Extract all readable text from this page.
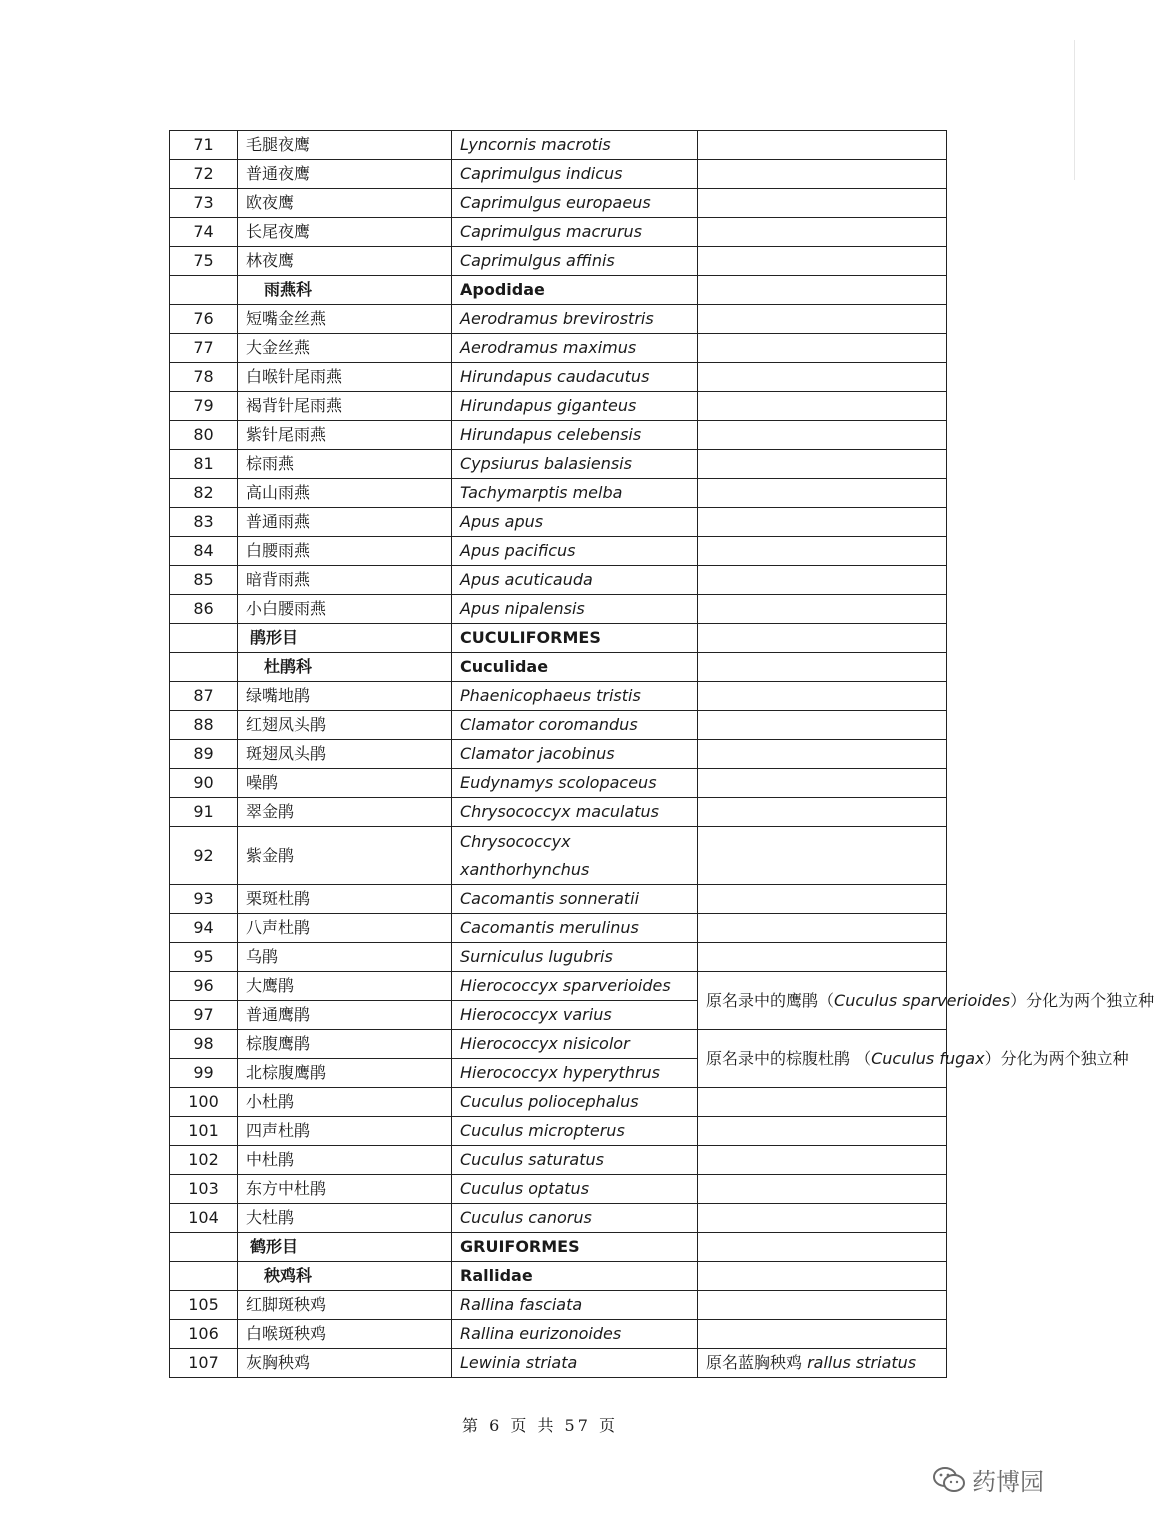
71	毛腿夜鹰	Lyncornis macrotis	
72	普通夜鹰	Caprimulgus indicus	
73	欧夜鹰	Caprimulgus europaeus	
74	长尾夜鹰	Caprimulgus macrurus	
75	林夜鹰	Caprimulgus affinis	
	雨燕科	Apodidae	
76	短嘴金丝燕	Aerodramus brevirostris	
77	大金丝燕	Aerodramus maximus	
78	白喉针尾雨燕	Hirundapus caudacutus	
79	褐背针尾雨燕	Hirundapus giganteus	
80	紫针尾雨燕	Hirundapus celebensis	
81	棕雨燕	Cypsiurus balasiensis	
82	高山雨燕	Tachymarptis melba	
83	普通雨燕	Apus apus	
84	白腰雨燕	Apus pacificus	
85	暗背雨燕	Apus acuticauda	
86	小白腰雨燕	Apus nipalensis	
	鹃形目	CUCULIFORMES	
	杜鹃科	Cuculidae	
87	绿嘴地鹃	Phaenicophaeus tristis	
88	红翅凤头鹃	Clamator coromandus	
89	斑翅凤头鹃	Clamator jacobinus	
90	噪鹃	Eudynamys scolopaceus	
91	翠金鹃	Chrysococcyx maculatus	
92	紫金鹃	Chrysococcyx xanthorhynchus	
93	栗斑杜鹃	Cacomantis sonneratii	
94	八声杜鹃	Cacomantis merulinus	
95	乌鹃	Surniculus lugubris	
96	大鹰鹃	Hierococcyx sparverioides	原名录中的鹰鹃（Cuculus sparverioides）分化为两个独立种
97	普通鹰鹃	Hierococcyx varius	
98	棕腹鹰鹃	Hierococcyx nisicolor	原名录中的棕腹杜鹃 （Cuculus fugax）分化为两个独立种
99	北棕腹鹰鹃	Hierococcyx hyperythrus	
100	小杜鹃	Cuculus poliocephalus	
101	四声杜鹃	Cuculus micropterus	
102	中杜鹃	Cuculus saturatus	
103	东方中杜鹃	Cuculus optatus	
104	大杜鹃	Cuculus canorus	
	鹤形目	GRUIFORMES	
	秧鸡科	Rallidae	
105	红脚斑秧鸡	Rallina fasciata	
106	白喉斑秧鸡	Rallina eurizonoides	
107	灰胸秧鸡	Lewinia striata	原名蓝胸秧鸡 rallus striatus
第 6 页 共 57 页
药博园
